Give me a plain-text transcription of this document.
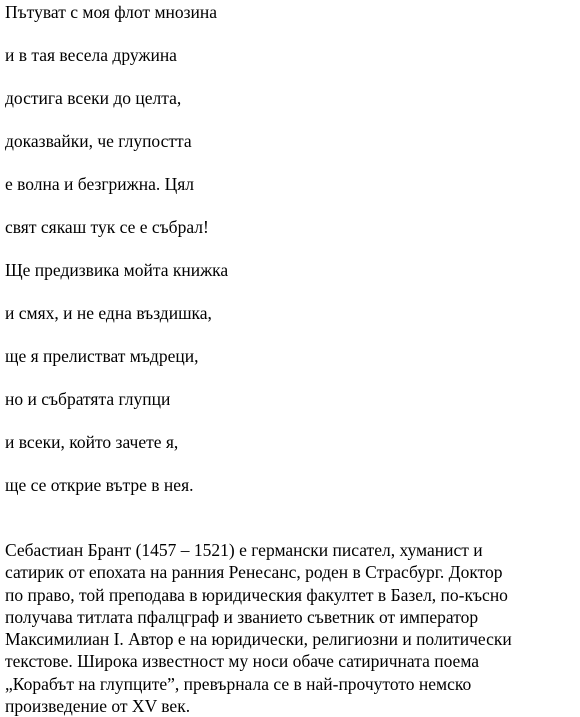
Пътуват с моя флот мнозина
и в тая весела дружина
достига всеки до целта,
доказвайки, че глупостта
е волна и безгрижна. Цял
свят сякаш тук се е събрал!
Ще предизвика мойта книжка
и смях, и не една въздишка,
ще я прелистват мъдреци,
но и събратята глупци
и всеки, който зачете я,
ще се открие вътре в нея.

Себастиан Брант (1457 – 1521) е германски писател, хуманист и
сатирик от епохата на ранния Ренесанс, роден в Страсбург. Доктор
по право, той преподава в юридическия факултет в Базел, по-късно
получава титлата пфалцграф и званието съветник от император
Максимилиан I. Автор е на юридически, религиозни и политически
текстове. Широка известност му носи обаче сатиричната поема
„Корабът на глупците”, превърнала се в най-прочутото немско
произведение от XV век.
